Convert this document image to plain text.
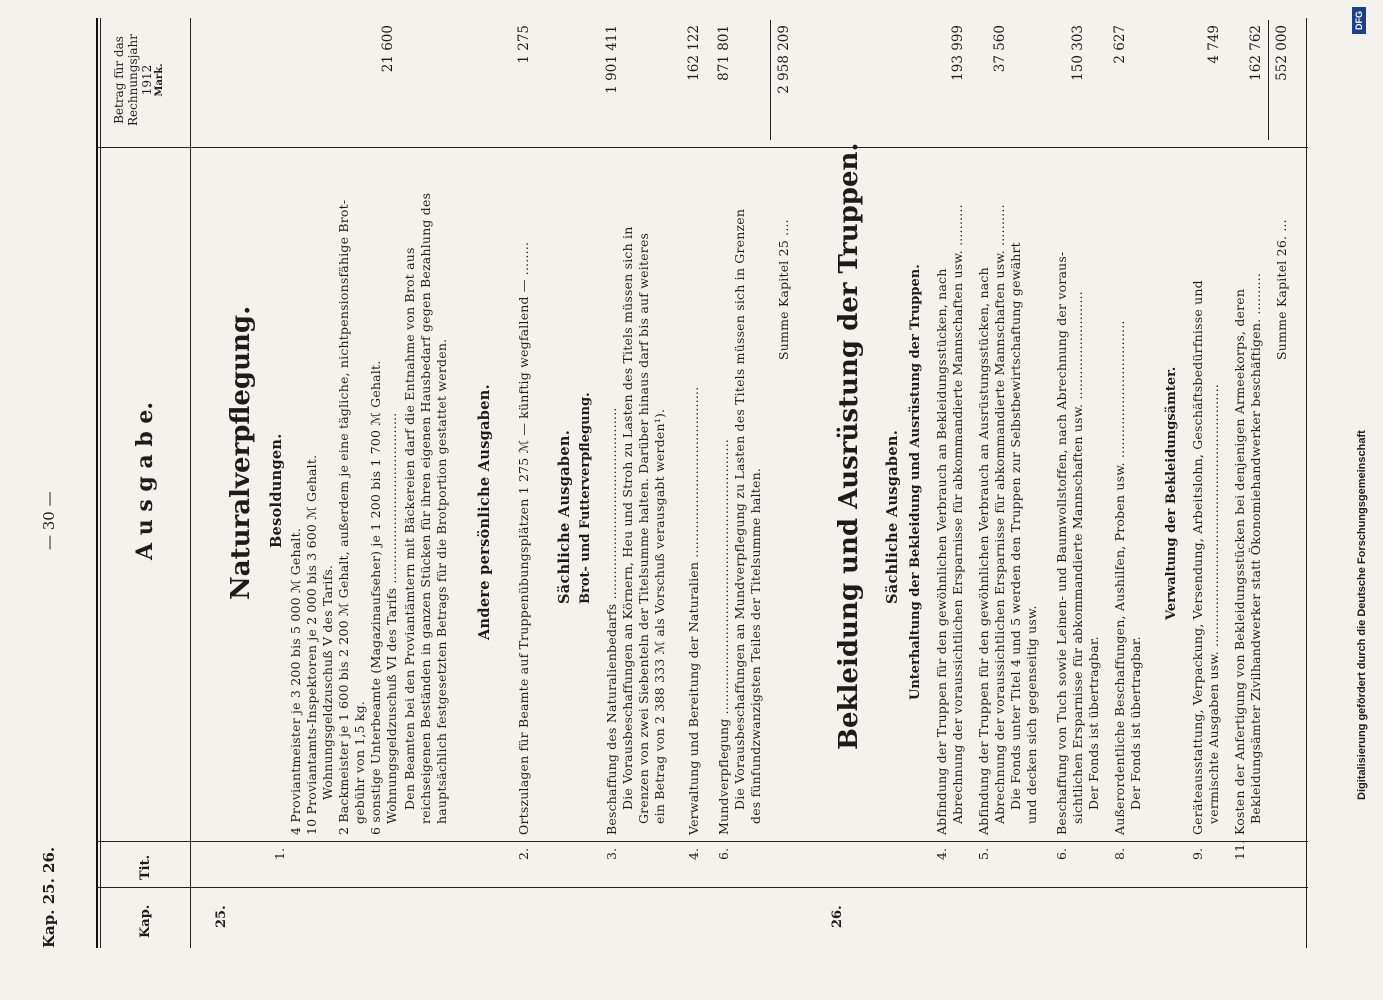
Kap. 25. 26.
— 30 —
Kap.
Tit.
A u s g a b e.
Betrag für das Rechnungsjahr 1912 Mark.
25.
Naturalverpflegung. Besoldungen.
1.
4 Proviantmeister je 3 200 bis 5 000 ℳ Gehalt. 10 Proviantamts-Inspektoren je 2 000 bis 3 600 ℳ Gehalt. Wohnungsgeldzuschuß V des Tarifs. 2 Backmeister je 1 600 bis 2 200 ℳ Gehalt, außerdem je eine tägliche, nichtpensionsfähige Brot- gebühr von 1,5 kg. 6 sonstige Unterbeamte (Magazinaufseher) je 1 200 bis 1 700 ℳ Gehalt. Wohnungsgeldzuschuß VI des Tarifs ......................................... Den Beamten bei den Proviantämtern mit Bäckereien darf die Entnahme von Brot aus reichseigenen Beständen in ganzen Stücken für ihren eigenen Hausbedarf gegen Bezahlung des hauptsächlich festgesetzten Betrags für die Brotportion gestattet werden.
21 600
Andere persönliche Ausgaben.
2.
Ortszulagen für Beamte auf Truppenübungsplätzen 1 275 ℳ — künftig wegfallend — ........
1 275
Sächliche Ausgaben. Brot- und Futterverpflegung.
3.
Beschaffung des Naturalienbedarfs .............................................. Die Vorausbeschaffungen an Körnern, Heu und Stroh zu Lasten des Titels müssen sich in Grenzen von zwei Siebenteln der Titelsumme halten. Darüber hinaus darf bis auf weiteres ein Betrag von 2 388 333 ℳ als Vorschuß verausgabt werden¹).
1 901 411
4.
Verwaltung und Bereitung der Naturalien .........................................
162 122
6.
Mundverpflegung .................................................................. Die Vorausbeschaffungen an Mundverpflegung zu Lasten des Titels müssen sich in Grenzen des fünfundzwanzigsten Teiles der Titelsumme halten.
871 801
Summe Kapitel 25 ....
2 958 209
26.
Bekleidung und Ausrüstung der Truppen. Sächliche Ausgaben. Unterhaltung der Bekleidung und Ausrüstung der Truppen.
4.
Abfindung der Truppen für den gewöhnlichen Verbrauch an Bekleidungsstücken, nach Abrechnung der voraussichtlichen Ersparnisse für abkommandierte Mannschaften usw. ..........
193 999
5.
Abfindung der Truppen für den gewöhnlichen Verbrauch an Ausrüstungsstücken, nach Abrechnung der voraussichtlichen Ersparnisse für abkommandierte Mannschaften usw. .......... Die Fonds unter Titel 4 und 5 werden den Truppen zur Selbstbewirtschaftung gewährt und decken sich gegenseitig usw.
37 560
6.
Beschaffung von Tuch sowie Leinen- und Baumwollstoffen, nach Abrechnung der voraus- sichtlichen Ersparnisse für abkommandierte Mannschaften usw. .......................... Der Fonds ist übertragbar.
150 303
8.
Außerordentliche Beschaffungen, Aushilfen, Proben usw. ................................. Der Fonds ist übertragbar.
2 627
Verwaltung der Bekleidungsämter.
9.
Geräteausstattung, Verpackung, Versendung, Arbeitslohn, Geschäftsbedürfnisse und vermischte Ausgaben usw. ...............................................................
4 749
11.
Kosten der Anfertigung von Bekleidungsstücken bei denjenigen Armeekorps, deren Bekleidungsämter Zivilhandwerker statt Ökonomiehandwerker beschäftigen. ..........
162 762
Summe Kapitel 26. ...
552 000
Digitalisierung gefördert durch die Deutsche Forschungsgemeinschaft
DFG
